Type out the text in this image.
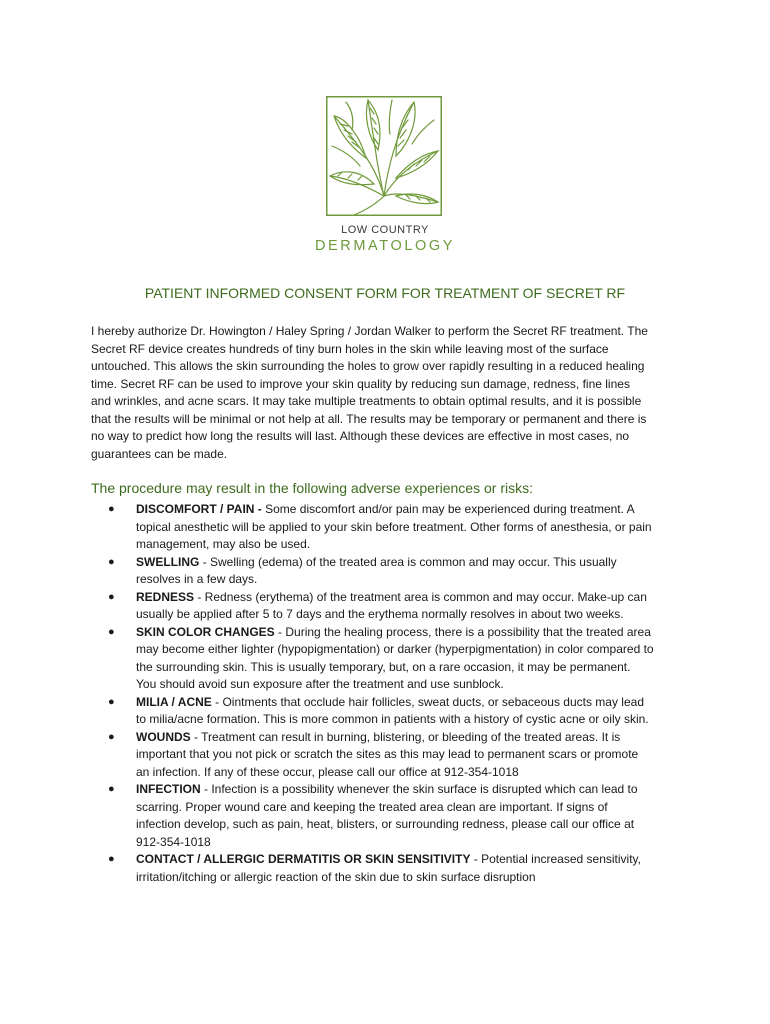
LOW COUNTRY
DERMATOLOGY
PATIENT INFORMED CONSENT FORM FOR TREATMENT OF SECRET RF
I hereby authorize Dr. Howington / Haley Spring / Jordan Walker to perform the Secret RF treatment. The
Secret RF device creates hundreds of tiny burn holes in the skin while leaving most of the surface
untouched. This allows the skin surrounding the holes to grow over rapidly resulting in a reduced healing
time. Secret RF can be used to improve your skin quality by reducing sun damage, redness, fine lines
and wrinkles, and acne scars. It may take multiple treatments to obtain optimal results, and it is possible
that the results will be minimal or not help at all. The results may be temporary or permanent and there is
no way to predict how long the results will last. Although these devices are effective in most cases, no
guarantees can be made.
The procedure may result in the following adverse experiences or risks:
● DISCOMFORT / PAIN - Some discomfort and/or pain may be experienced during treatment. A
topical anesthetic will be applied to your skin before treatment. Other forms of anesthesia, or pain
management, may also be used.
● SWELLING - Swelling (edema) of the treated area is common and may occur. This usually
resolves in a few days.
● REDNESS - Redness (erythema) of the treatment area is common and may occur. Make-up can
usually be applied after 5 to 7 days and the erythema normally resolves in about two weeks.
● SKIN COLOR CHANGES - During the healing process, there is a possibility that the treated area
may become either lighter (hypopigmentation) or darker (hyperpigmentation) in color compared to
the surrounding skin. This is usually temporary, but, on a rare occasion, it may be permanent.
You should avoid sun exposure after the treatment and use sunblock.
● MILIA / ACNE - Ointments that occlude hair follicles, sweat ducts, or sebaceous ducts may lead
to milia/acne formation. This is more common in patients with a history of cystic acne or oily skin.
● WOUNDS - Treatment can result in burning, blistering, or bleeding of the treated areas. It is
important that you not pick or scratch the sites as this may lead to permanent scars or promote
an infection. If any of these occur, please call our office at 912-354-1018
● INFECTION - Infection is a possibility whenever the skin surface is disrupted which can lead to
scarring. Proper wound care and keeping the treated area clean are important. If signs of
infection develop, such as pain, heat, blisters, or surrounding redness, please call our office at
912-354-1018
● CONTACT / ALLERGIC DERMATITIS OR SKIN SENSITIVITY - Potential increased sensitivity,
irritation/itching or allergic reaction of the skin due to skin surface disruption
